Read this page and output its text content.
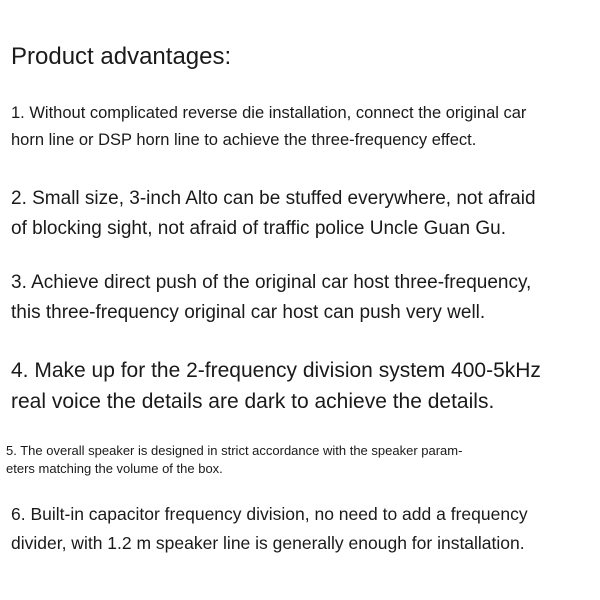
Product advantages:

1. Without complicated reverse die installation, connect the original car
horn line or DSP horn line to achieve the three-frequency effect.

2. Small size, 3-inch Alto can be stuffed everywhere, not afraid
of blocking sight, not afraid of traffic police Uncle Guan Gu.

3. Achieve direct push of the original car host three-frequency,
this three-frequency original car host can push very well.

4. Make up for the 2-frequency division system 400-5kHz
real voice the details are dark to achieve the details.

5. The overall speaker is designed in strict accordance with the speaker param-
eters matching the volume of the box.

6. Built-in capacitor frequency division, no need to add a frequency
divider, with 1.2 m speaker line is generally enough for installation.
